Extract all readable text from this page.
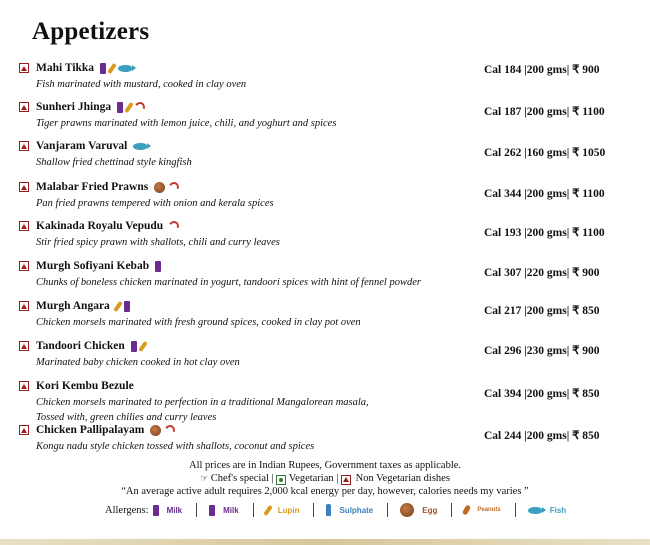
Appetizers
Mahi Tikka
Fish marinated with mustard, cooked in clay oven
Cal 184 |200 gms| ₹ 900
Sunheri Jhinga
Tiger prawns marinated with lemon juice, chili, and yoghurt and spices
Cal 187 |200 gms| ₹ 1100
Vanjaram Varuval
Shallow fried chettinad style kingfish
Cal 262 |160 gms| ₹ 1050
Malabar Fried Prawns
Pan fried prawns tempered with onion and kerala spices
Cal 344 |200 gms| ₹ 1100
Kakinada Royalu Vepudu
Stir fried spicy prawn with shallots, chili and curry leaves
Cal 193 |200 gms| ₹ 1100
Murgh Sofiyani Kebab
Chunks of boneless chicken marinated in yogurt, tandoori spices with hint of fennel powder
Cal 307 |220 gms| ₹ 900
Murgh Angara
Chicken morsels marinated with fresh ground spices, cooked in clay pot oven
Cal 217 |200 gms| ₹ 850
Tandoori Chicken
Marinated baby chicken cooked in hot clay oven
Cal 296 |230 gms| ₹ 900
Kori Kembu Bezule
Chicken morsels marinated to perfection in a traditional Mangalorean masala, Tossed with, green chilies and curry leaves
Cal 394 |200 gms| ₹ 850
Chicken Pallipalayam
Kongu nadu style chicken tossed with shallots, coconut and spices
Cal 244 |200 gms| ₹ 850
All prices are in Indian Rupees, Government taxes as applicable.
☞ Chef's special |  Vegetarian |  Non Vegetarian dishes
“An average active adult requires 2,000 kcal energy per day, however, calories needs my varies ”
Allergens: Milk	Milk	Lupin	Sulphate	Egg	Peanuts	Fish
